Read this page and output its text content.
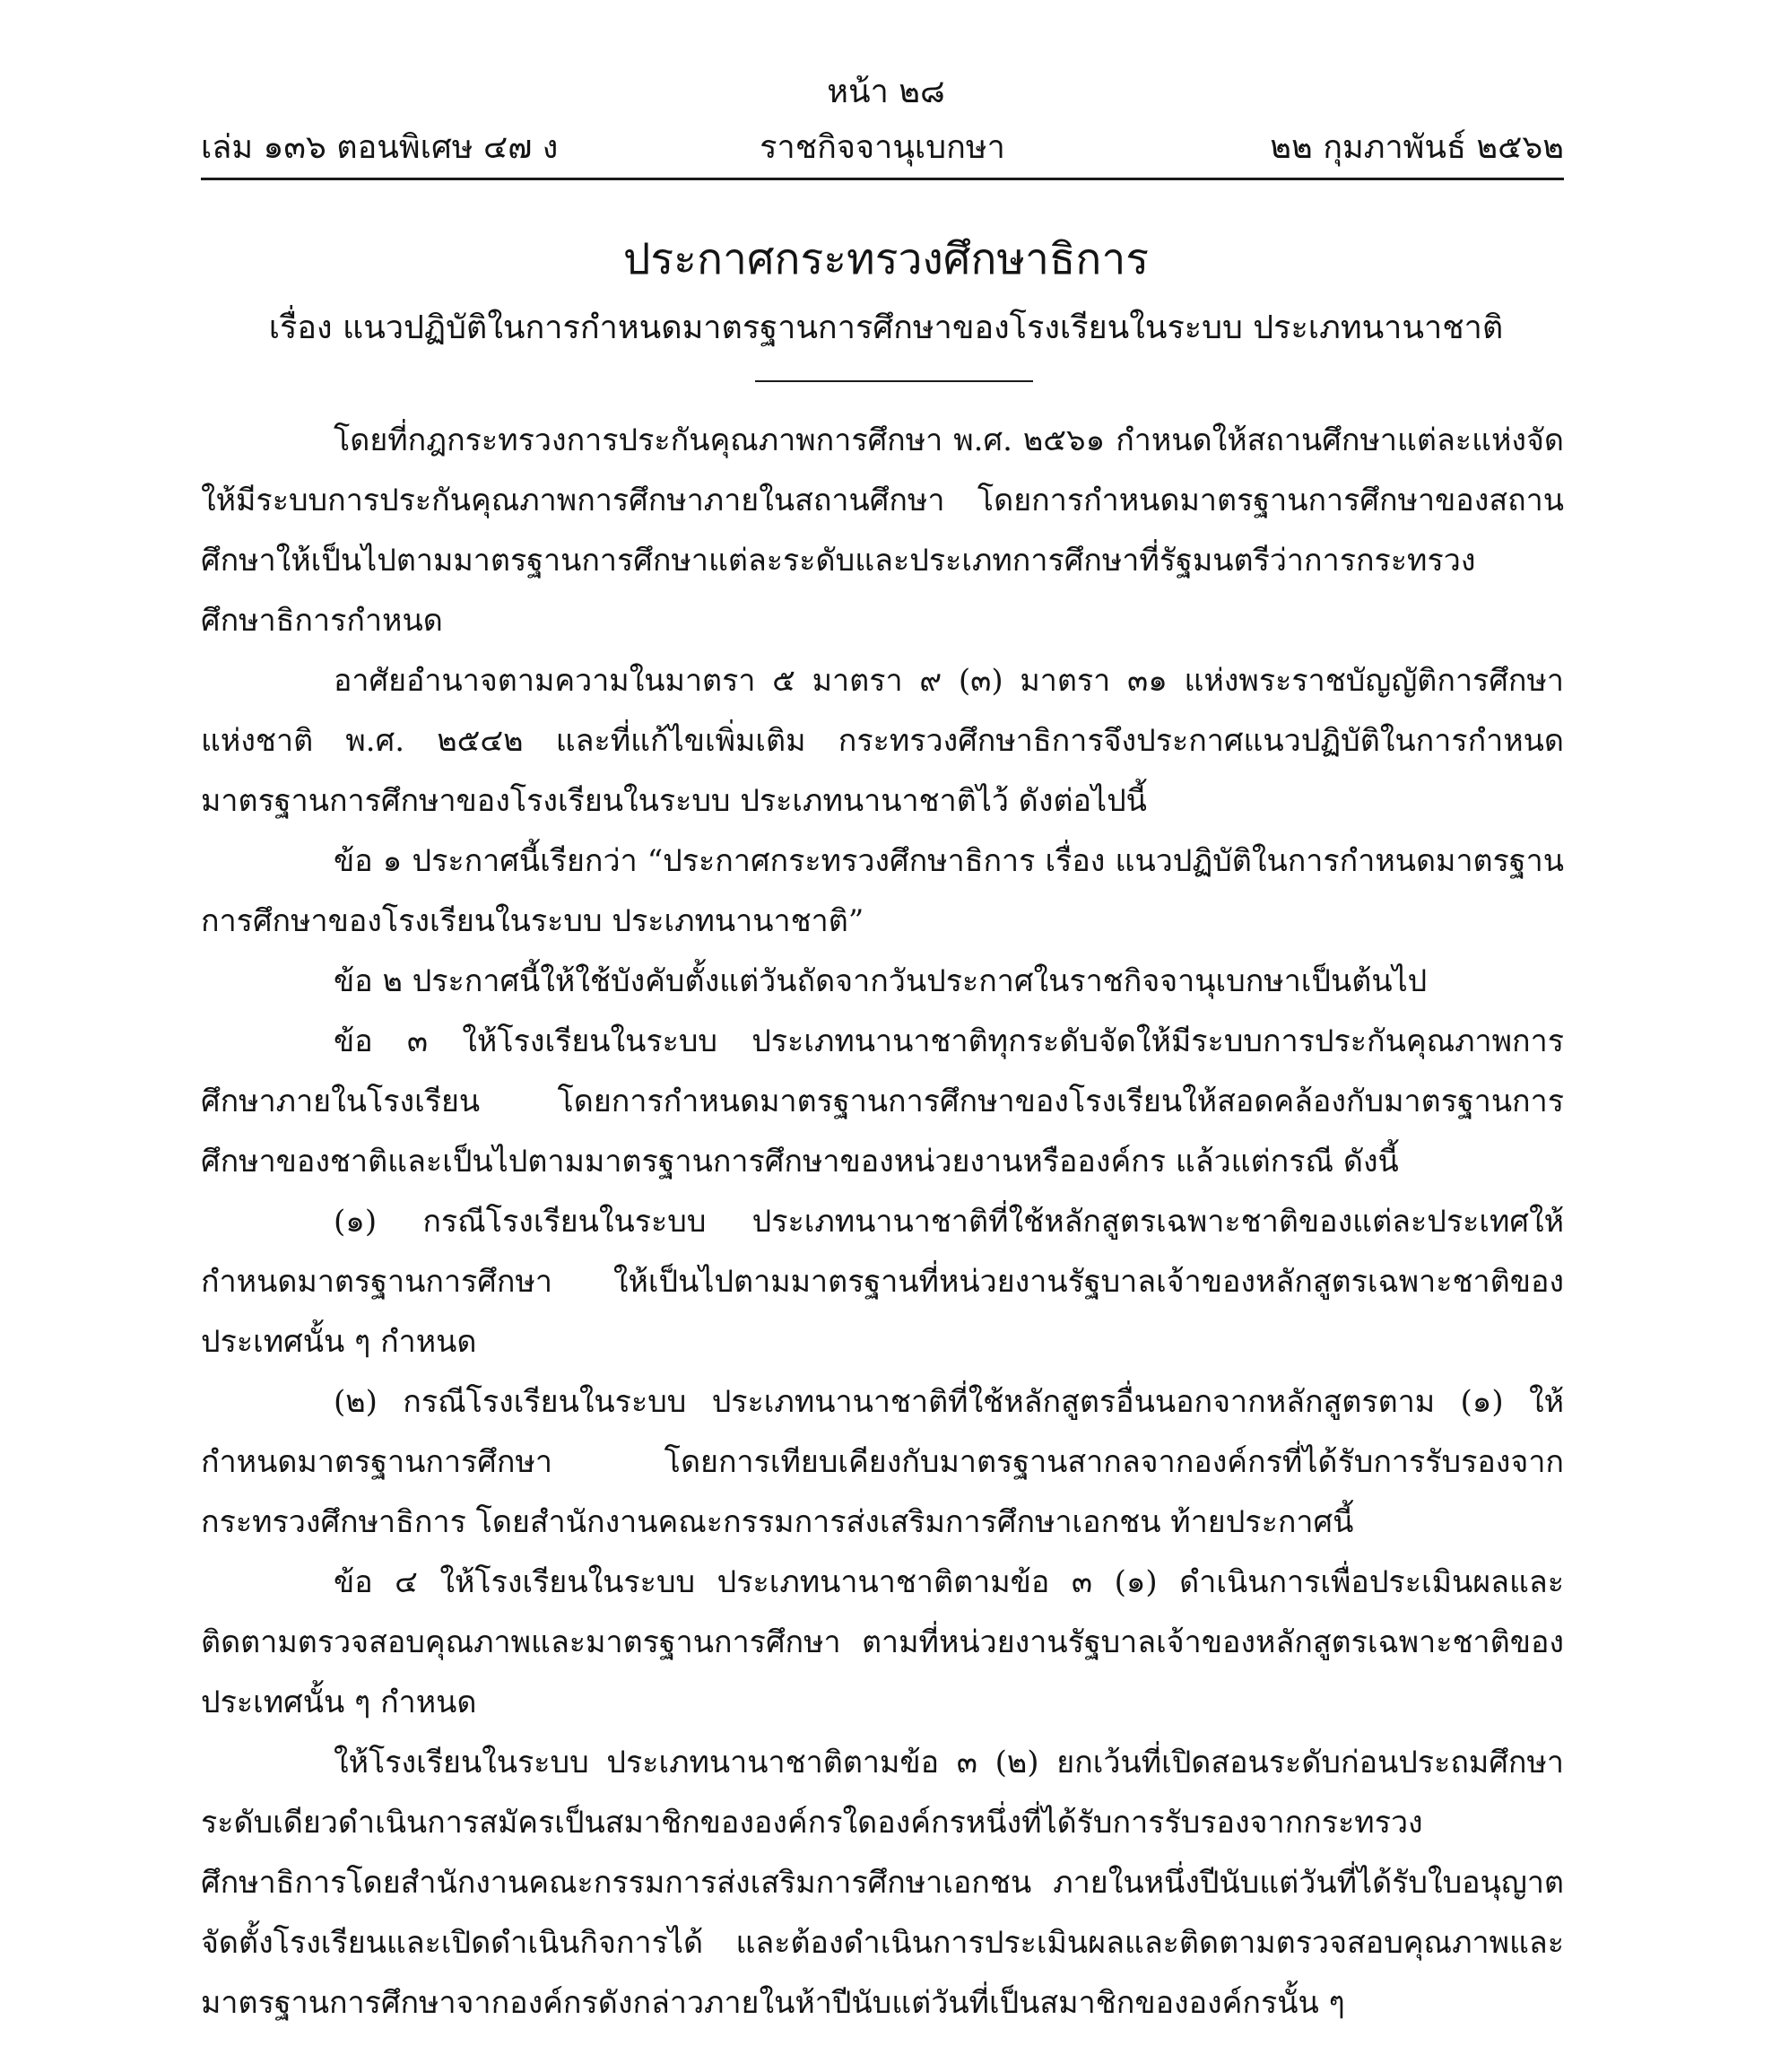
หน้า ๒๘
เล่ม ๑๓๖ ตอนพิเศษ ๔๗ ง	ราชกิจจานุเบกษา	๒๒ กุมภาพันธ์ ๒๕๖๒
ประกาศกระทรวงศึกษาธิการ
เรื่อง แนวปฏิบัติในการกำหนดมาตรฐานการศึกษาของโรงเรียนในระบบ ประเภทนานาชาติ

โดยที่กฎกระทรวงการประกันคุณภาพการศึกษา พ.ศ. ๒๕๖๑ กำหนดให้สถานศึกษาแต่ละแห่งจัดให้มีระบบการประกันคุณภาพการศึกษาภายในสถานศึกษา โดยการกำหนดมาตรฐานการศึกษาของสถานศึกษาให้เป็นไปตามมาตรฐานการศึกษาแต่ละระดับและประเภทการศึกษาที่รัฐมนตรีว่าการกระทรวงศึกษาธิการกำหนด

อาศัยอำนาจตามความในมาตรา ๕ มาตรา ๙ (๓) มาตรา ๓๑ แห่งพระราชบัญญัติการศึกษาแห่งชาติ พ.ศ. ๒๕๔๒ และที่แก้ไขเพิ่มเติม กระทรวงศึกษาธิการจึงประกาศแนวปฏิบัติในการกำหนดมาตรฐานการศึกษาของโรงเรียนในระบบ ประเภทนานาชาติไว้ ดังต่อไปนี้

ข้อ ๑ ประกาศนี้เรียกว่า “ประกาศกระทรวงศึกษาธิการ เรื่อง แนวปฏิบัติในการกำหนดมาตรฐานการศึกษาของโรงเรียนในระบบ ประเภทนานาชาติ”

ข้อ ๒ ประกาศนี้ให้ใช้บังคับตั้งแต่วันถัดจากวันประกาศในราชกิจจานุเบกษาเป็นต้นไป

ข้อ ๓ ให้โรงเรียนในระบบ ประเภทนานาชาติทุกระดับจัดให้มีระบบการประกันคุณภาพการศึกษาภายในโรงเรียน โดยการกำหนดมาตรฐานการศึกษาของโรงเรียนให้สอดคล้องกับมาตรฐานการศึกษาของชาติและเป็นไปตามมาตรฐานการศึกษาของหน่วยงานหรือองค์กร แล้วแต่กรณี ดังนี้

(๑) กรณีโรงเรียนในระบบ ประเภทนานาชาติที่ใช้หลักสูตรเฉพาะชาติของแต่ละประเทศให้กำหนดมาตรฐานการศึกษา ให้เป็นไปตามมาตรฐานที่หน่วยงานรัฐบาลเจ้าของหลักสูตรเฉพาะชาติของประเทศนั้น ๆ กำหนด

(๒) กรณีโรงเรียนในระบบ ประเภทนานาชาติที่ใช้หลักสูตรอื่นนอกจากหลักสูตรตาม (๑) ให้กำหนดมาตรฐานการศึกษา โดยการเทียบเคียงกับมาตรฐานสากลจากองค์กรที่ได้รับการรับรองจากกระทรวงศึกษาธิการ โดยสำนักงานคณะกรรมการส่งเสริมการศึกษาเอกชน ท้ายประกาศนี้

ข้อ ๔ ให้โรงเรียนในระบบ ประเภทนานาชาติตามข้อ ๓ (๑) ดำเนินการเพื่อประเมินผลและติดตามตรวจสอบคุณภาพและมาตรฐานการศึกษา ตามที่หน่วยงานรัฐบาลเจ้าของหลักสูตรเฉพาะชาติของประเทศนั้น ๆ กำหนด

ให้โรงเรียนในระบบ ประเภทนานาชาติตามข้อ ๓ (๒) ยกเว้นที่เปิดสอนระดับก่อนประถมศึกษาระดับเดียวดำเนินการสมัครเป็นสมาชิกขององค์กรใดองค์กรหนึ่งที่ได้รับการรับรองจากกระทรวงศึกษาธิการโดยสำนักงานคณะกรรมการส่งเสริมการศึกษาเอกชน ภายในหนึ่งปีนับแต่วันที่ได้รับใบอนุญาตจัดตั้งโรงเรียนและเปิดดำเนินกิจการได้ และต้องดำเนินการประเมินผลและติดตามตรวจสอบคุณภาพและมาตรฐานการศึกษาจากองค์กรดังกล่าวภายในห้าปีนับแต่วันที่เป็นสมาชิกขององค์กรนั้น ๆ
